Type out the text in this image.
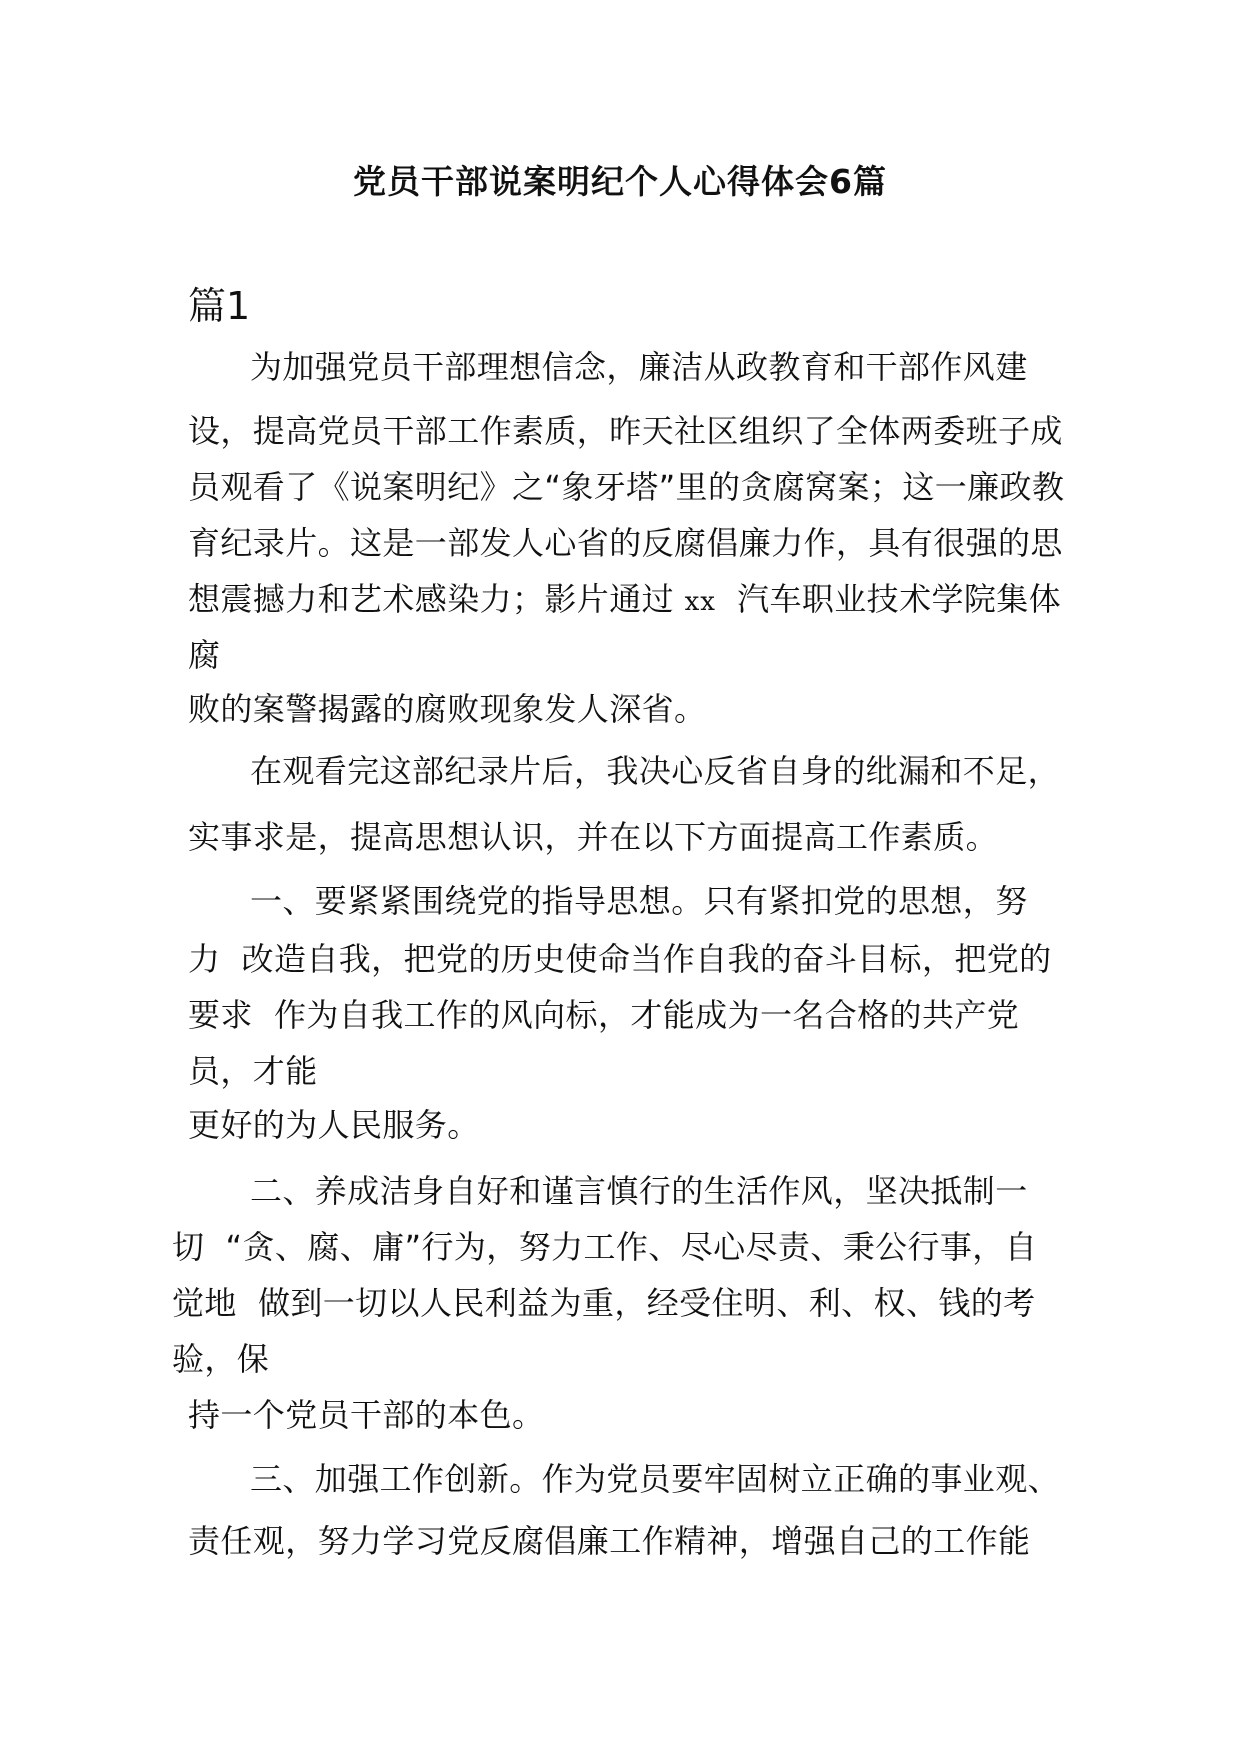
党员干部说案明纪个人心得体会6篇
篇1
为加强党员干部理想信念，廉洁从政教育和干部作风建
设，提高党员干部工作素质，昨天社区组织了全体两委班子成
员观看了《说案明纪》之“象牙塔”里的贪腐窝案；这一廉政教
育纪录片。这是一部发人心省的反腐倡廉力作，具有很强的思
想震撼力和艺术感染力；影片通过 xx 汽车职业技术学院集体
腐
败的案警揭露的腐败现象发人深省。
在观看完这部纪录片后，我决心反省自身的纰漏和不足，
实事求是，提高思想认识，并在以下方面提高工作素质。
一、要紧紧围绕党的指导思想。只有紧扣党的思想，努
力  改造自我，把党的历史使命当作自我的奋斗目标，把党的
要求  作为自我工作的风向标，才能成为一名合格的共产党
员，才能
更好的为人民服务。
二、养成洁身自好和谨言慎行的生活作风，坚决抵制一
切  “贪、腐、庸”行为，努力工作、尽心尽责、秉公行事，自
觉地  做到一切以人民利益为重，经受住明、利、权、钱的考
验，保
持一个党员干部的本色。
三、加强工作创新。作为党员要牢固树立正确的事业观、
责任观，努力学习党反腐倡廉工作精神，增强自己的工作能
